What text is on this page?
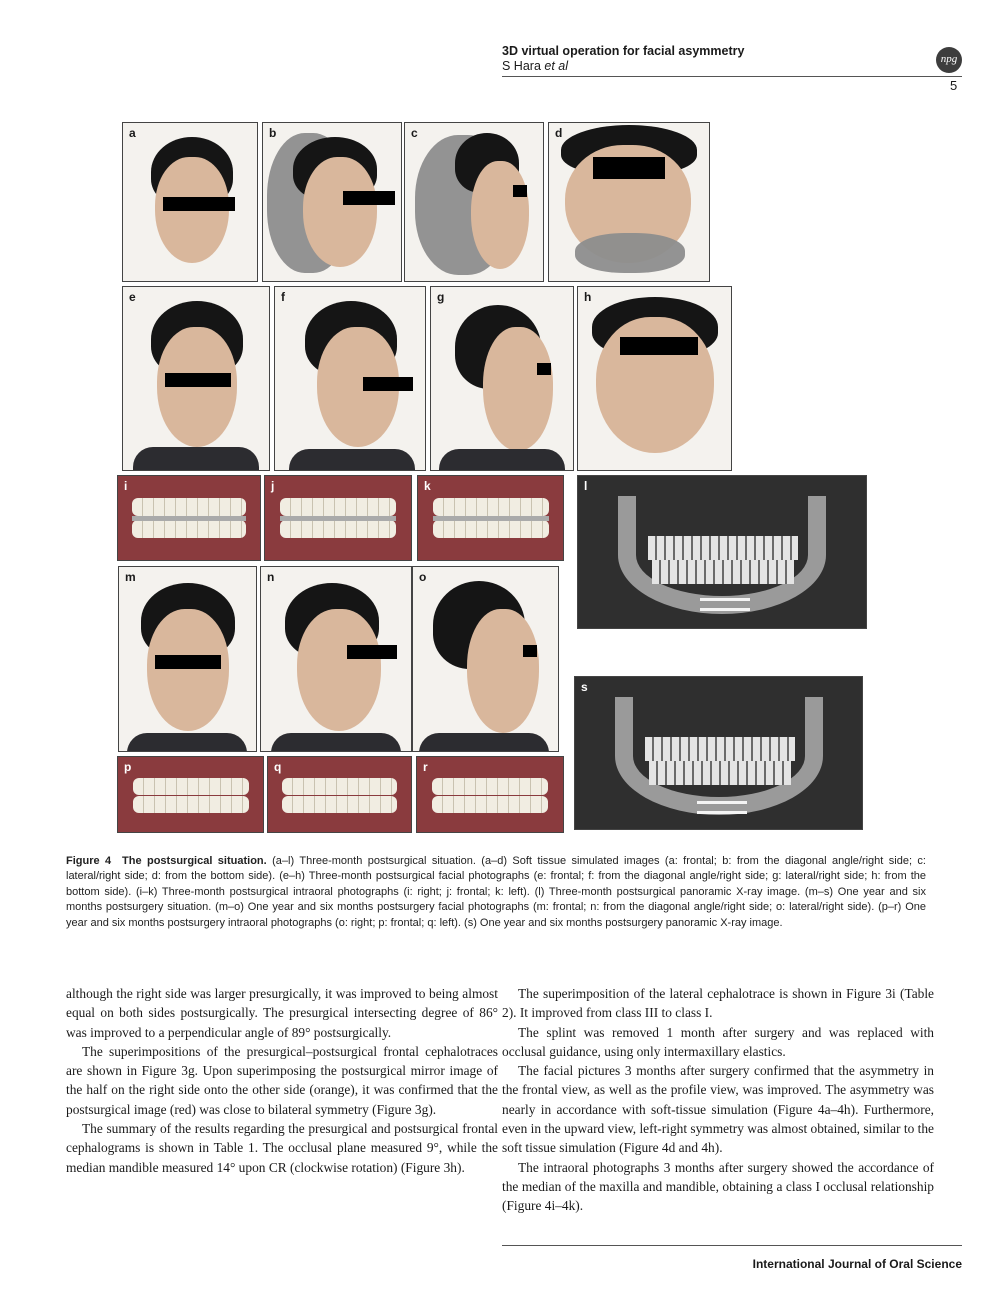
3D virtual operation for facial asymmetry
S Hara et al	npg
5
a	b	c	d
e	f	g	h
i	j	k	l
m	n	o
s
p	q	r
Figure 4 The postsurgical situation. (a–l) Three-month postsurgical situation. (a–d) Soft tissue simulated images (a: frontal; b: from the diagonal angle/right side; c: lateral/right side; d: from the bottom side). (e–h) Three-month postsurgical facial photographs (e: frontal; f: from the diagonal angle/right side; g: lateral/right side; h: from the bottom side). (i–k) Three-month postsurgical intraoral photographs (i: right; j: frontal; k: left). (l) Three-month postsurgical panoramic X-ray image. (m–s) One year and six months postsurgery situation. (m–o) One year and six months postsurgery facial photographs (m: frontal; n: from the diagonal angle/right side; o: lateral/right side). (p–r) One year and six months postsurgery intraoral photographs (o: right; p: frontal; q: left). (s) One year and six months postsurgery panoramic X-ray image.

although the right side was larger presurgically, it was improved to being almost equal on both sides postsurgically. The presurgical intersecting degree of 86° was improved to a perpendicular angle of 89° postsurgically.

The superimpositions of the presurgical–postsurgical frontal cephalotraces are shown in Figure 3g. Upon superimposing the postsurgical mirror image of the half on the right side onto the other side (orange), it was confirmed that the postsurgical image (red) was close to bilateral symmetry (Figure 3g).

The summary of the results regarding the presurgical and postsurgical frontal cephalograms is shown in Table 1. The occlusal plane measured 9°, while the median mandible measured 14° upon CR (clockwise rotation) (Figure 3h).

The superimposition of the lateral cephalotrace is shown in Figure 3i (Table 2). It improved from class III to class I.

The splint was removed 1 month after surgery and was replaced with occlusal guidance, using only intermaxillary elastics.

The facial pictures 3 months after surgery confirmed that the asymmetry in the frontal view, as well as the profile view, was improved. The asymmetry was nearly in accordance with soft-tissue simulation (Figure 4a–4h). Furthermore, even in the upward view, left-right symmetry was almost obtained, similar to the soft tissue simulation (Figure 4d and 4h).

The intraoral photographs 3 months after surgery showed the accordance of the median of the maxilla and mandible, obtaining a class I occlusal relationship (Figure 4i–4k).

International Journal of Oral Science
